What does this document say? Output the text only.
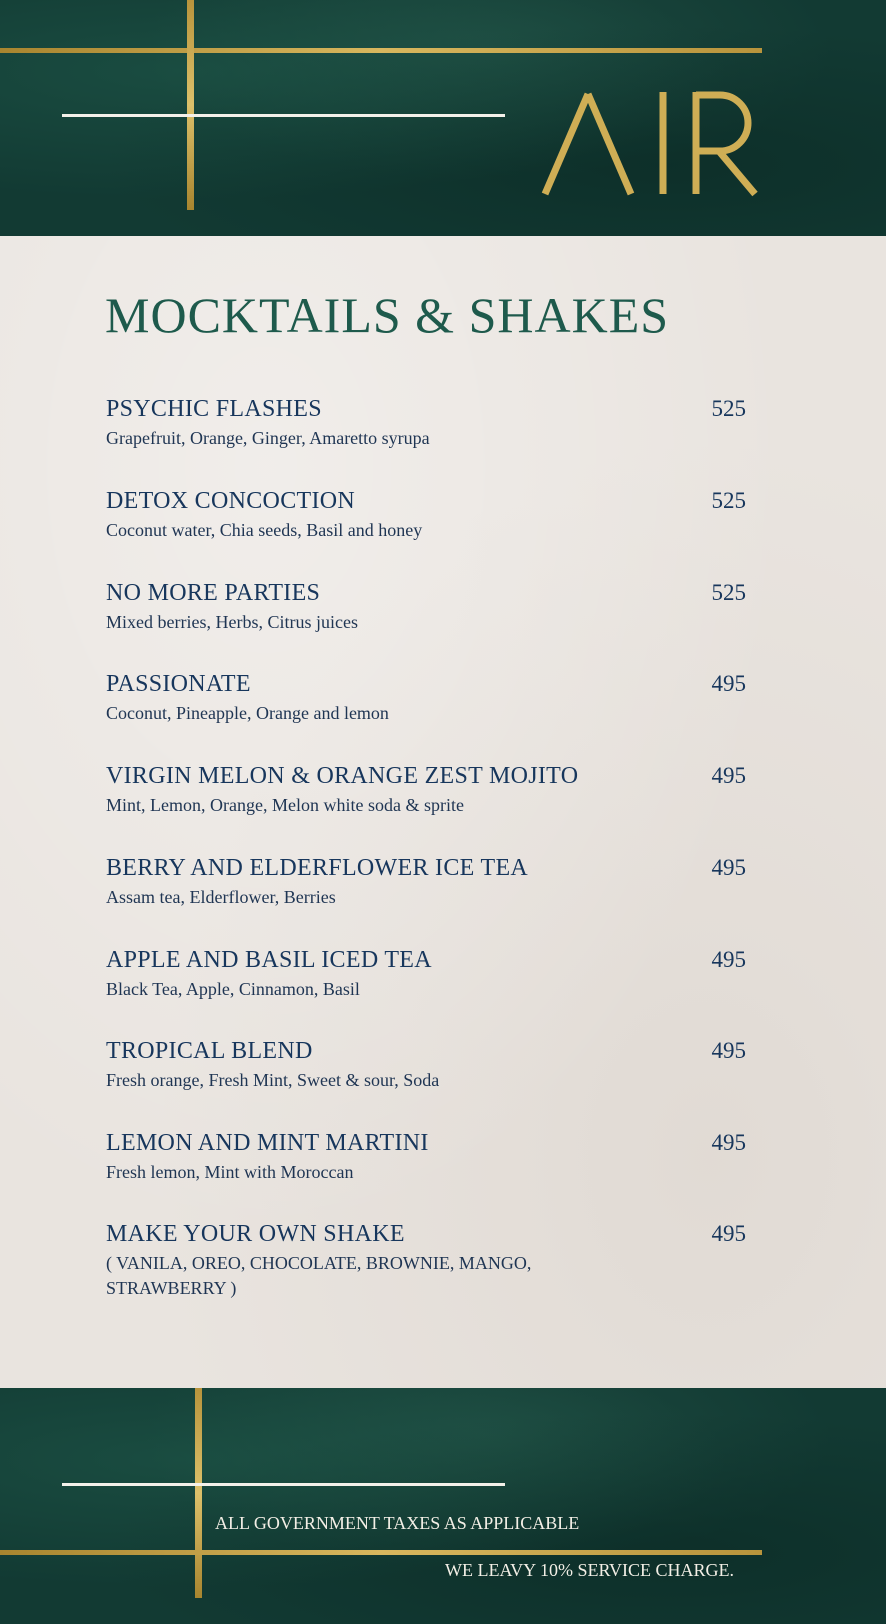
MOCKTAILS & SHAKES
PSYCHIC FLASHES	525
Grapefruit, Orange, Ginger, Amaretto syrupa
DETOX CONCOCTION	525
Coconut water, Chia seeds, Basil and honey
NO MORE PARTIES	525
Mixed berries, Herbs, Citrus juices
PASSIONATE	495
Coconut, Pineapple, Orange and lemon
VIRGIN MELON & ORANGE ZEST MOJITO	495
Mint, Lemon, Orange, Melon white soda & sprite
BERRY AND ELDERFLOWER ICE TEA	495
Assam tea, Elderflower, Berries
APPLE AND BASIL ICED TEA	495
Black Tea, Apple, Cinnamon, Basil
TROPICAL BLEND	495
Fresh orange, Fresh Mint, Sweet & sour, Soda
LEMON AND MINT MARTINI	495
Fresh lemon, Mint with Moroccan
MAKE YOUR OWN SHAKE	495
( VANILA, OREO, CHOCOLATE, BROWNIE, MANGO, STRAWBERRY )
ALL GOVERNMENT TAXES AS APPLICABLE
WE LEAVY 10% SERVICE CHARGE.
